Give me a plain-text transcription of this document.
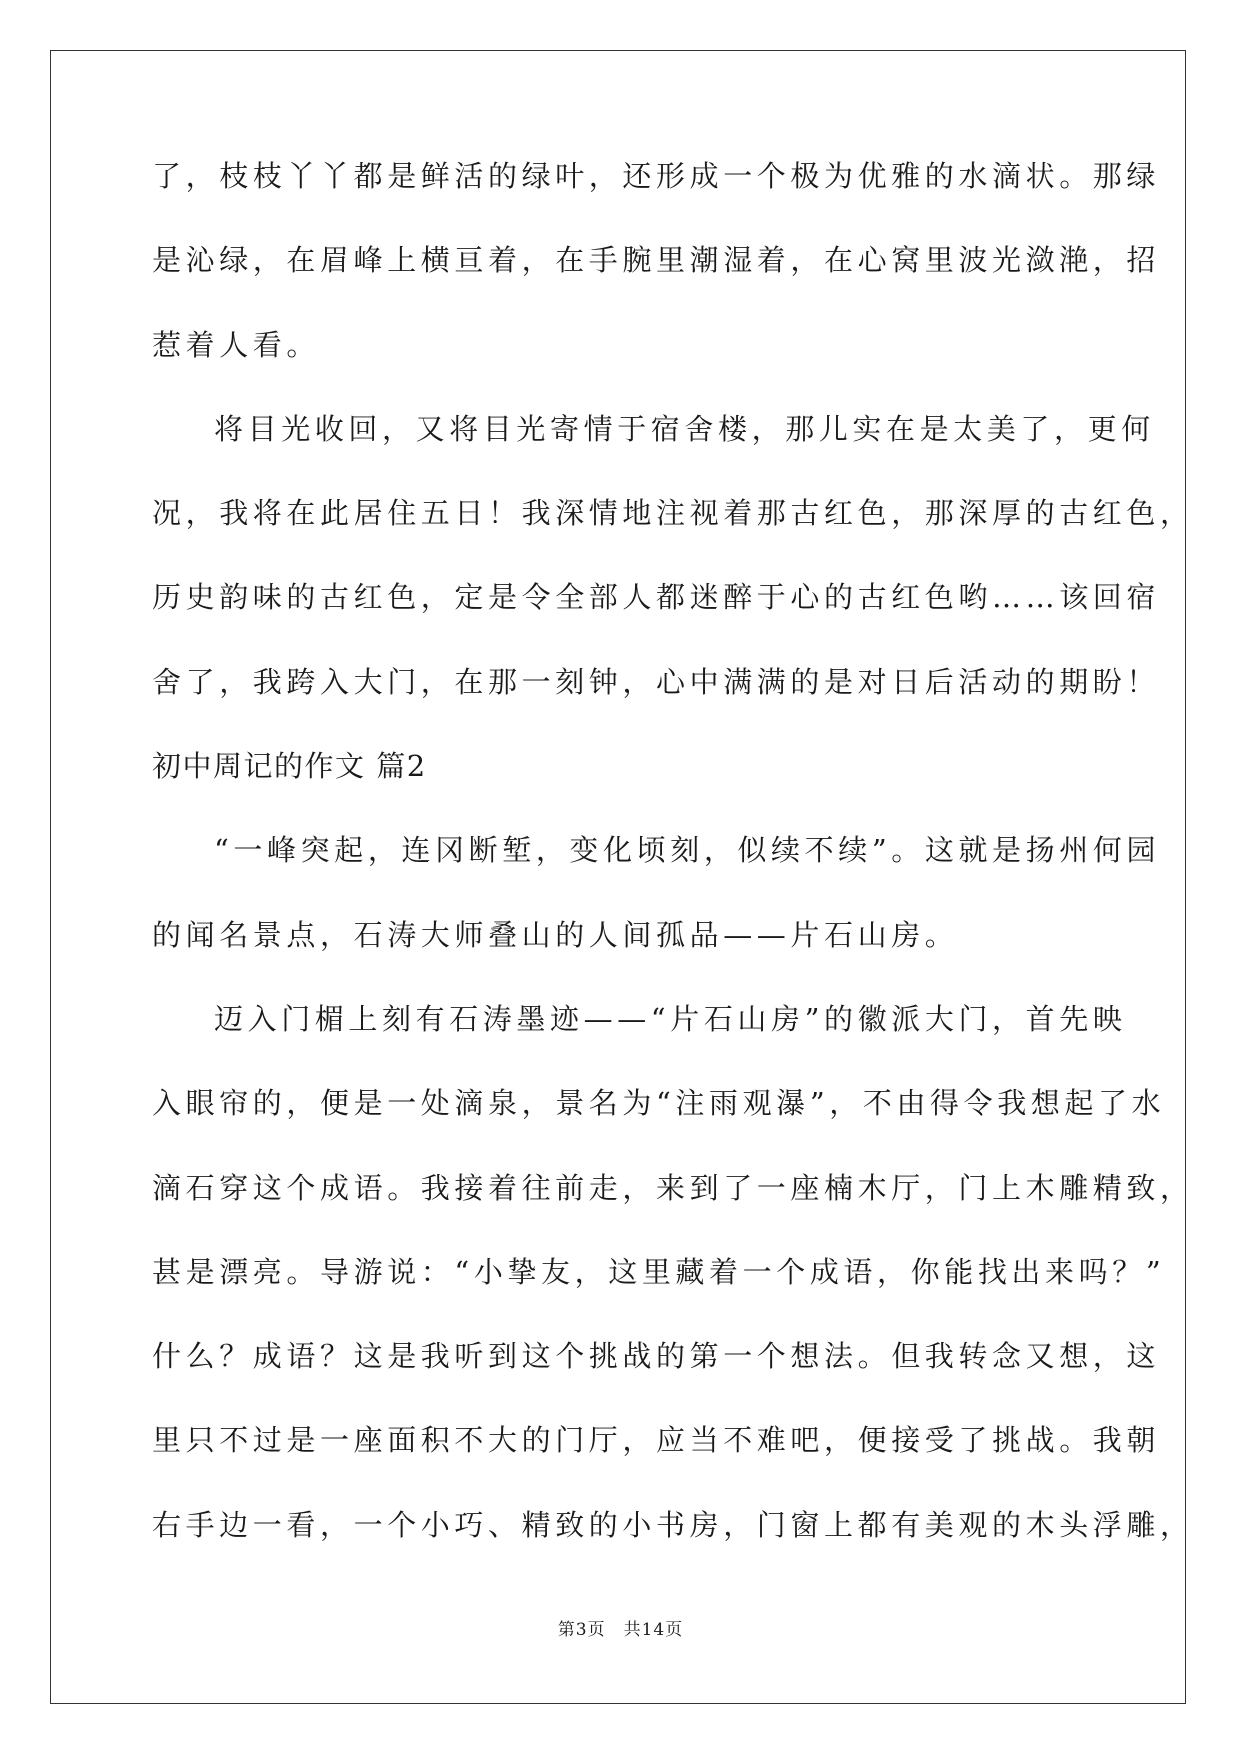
了，枝枝丫丫都是鲜活的绿叶，还形成一个极为优雅的水滴状。那绿
是沁绿，在眉峰上横亘着，在手腕里潮湿着，在心窝里波光潋滟，招
惹着人看。
将目光收回，又将目光寄情于宿舍楼，那儿实在是太美了，更何
况，我将在此居住五日！我深情地注视着那古红色，那深厚的古红色，
历史韵味的古红色，定是令全部人都迷醉于心的古红色哟……该回宿
舍了，我跨入大门，在那一刻钟，心中满满的是对日后活动的期盼！
初中周记的作文 篇2
“一峰突起，连冈断堑，变化顷刻，似续不续”。这就是扬州何园
的闻名景点，石涛大师叠山的人间孤品——片石山房。
迈入门楣上刻有石涛墨迹——“片石山房”的徽派大门，首先映
入眼帘的，便是一处滴泉，景名为“注雨观瀑”，不由得令我想起了水
滴石穿这个成语。我接着往前走，来到了一座楠木厅，门上木雕精致，
甚是漂亮。导游说：“小挚友，这里藏着一个成语，你能找出来吗？”
什么？成语？这是我听到这个挑战的第一个想法。但我转念又想，这
里只不过是一座面积不大的门厅，应当不难吧，便接受了挑战。我朝
右手边一看，一个小巧、精致的小书房，门窗上都有美观的木头浮雕，
第3页 共14页
